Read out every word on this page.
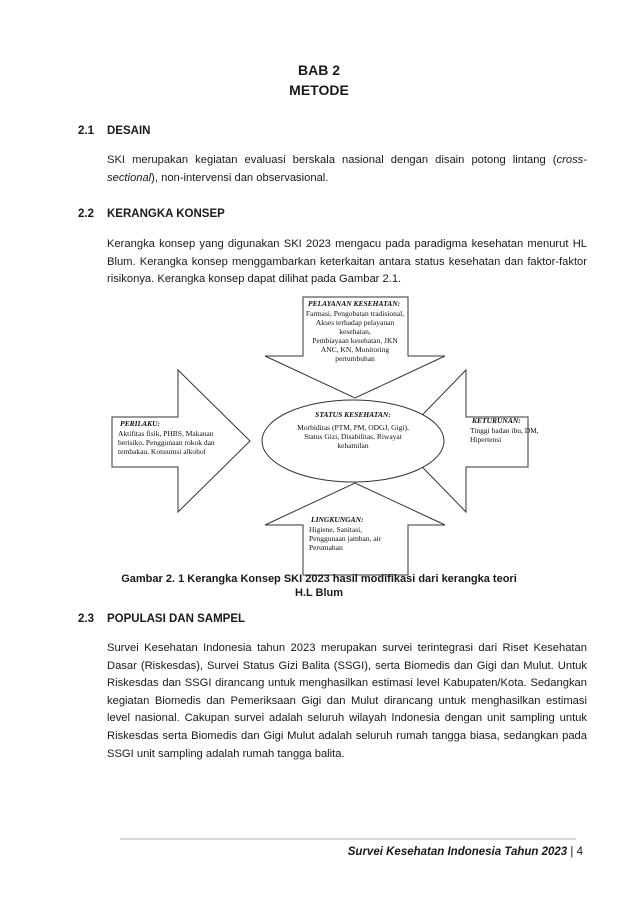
BAB 2
METODE
2.1 DESAIN
SKI merupakan kegiatan evaluasi berskala nasional dengan disain potong lintang (cross-sectional), non-intervensi dan observasional.
2.2 KERANGKA KONSEP
Kerangka konsep yang digunakan SKI 2023 mengacu pada paradigma kesehatan menurut HL Blum. Kerangka konsep menggambarkan keterkaitan antara status kesehatan dan faktor-faktor risikonya. Kerangka konsep dapat dilihat pada Gambar 2.1.
PELAYANAN KESEHATAN:
Farmasi, Pengobatan tradisional,
Akses terhadap pelayanan
kesehatan,
Pembiayaan kesehatan, JKN
ANC, KN, Monitoring
pertumbuhan
PERILAKU:
Aktifitas fisik, PHBS, Makanan
berisiko, Penggunaan rokok dan
tembakau, Konsumsi alkohol
STATUS KESEHATAN:
Morbiditas (PTM, PM, ODGJ, Gigi),
Status Gizi, Disabilitas, Riwayat
kehamilan
KETURUNAN:
Tinggi badan ibu, DM,
Hipertensi
LINGKUNGAN:
Higiene, Sanitasi,
Penggunaan jamban, air
Perumahan
Gambar 2. 1 Kerangka Konsep SKI 2023 hasil modifikasi dari kerangka teori
H.L Blum
2.3 POPULASI DAN SAMPEL
Survei Kesehatan Indonesia tahun 2023 merupakan survei terintegrasi dari Riset Kesehatan Dasar (Riskesdas), Survei Status Gizi Balita (SSGI), serta Biomedis dan Gigi dan Mulut. Untuk Riskesdas dan SSGI dirancang untuk menghasilkan estimasi level Kabupaten/Kota. Sedangkan kegiatan Biomedis dan Pemeriksaan Gigi dan Mulut dirancang untuk menghasilkan estimasi level nasional. Cakupan survei adalah seluruh wilayah Indonesia dengan unit sampling untuk Riskesdas serta Biomedis dan Gigi Mulut adalah seluruh rumah tangga biasa, sedangkan pada SSGI unit sampling adalah rumah tangga balita.
Survei Kesehatan Indonesia Tahun 2023 | 4
